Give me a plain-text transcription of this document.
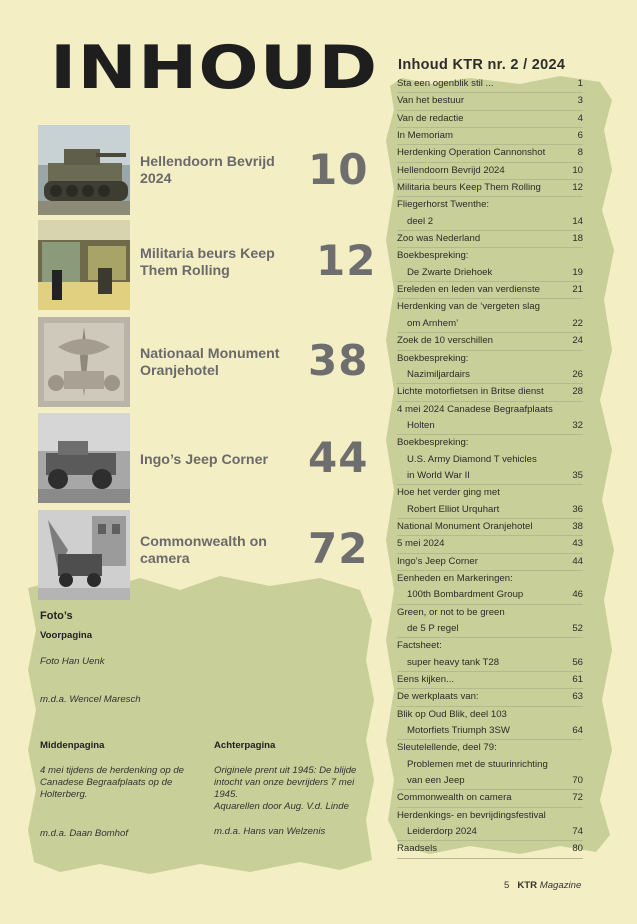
INHOUD
Hellendoorn Bevrijd 2024	10
Militaria beurs Keep Them Rolling	12
Nationaal Monument Oranjehotel	38
Ingo’s Jeep Corner 44
Commonwealth on camera	72
Inhoud KTR nr. 2 / 2024
Sta een ogenblik stil ...	1
Van het bestuur	3
Van de redactie	4
In Memoriam	6
Herdenking Operation Cannonshot	8
Hellendoorn Bevrijd 2024	10
Militaria beurs Keep Them Rolling	12
Fliegerhorst Twenthe:
deel 2	14
Zoo was Nederland	18
Boekbespreking:
De Zwarte Driehoek	19
Ereleden en leden van verdienste	21
Herdenking van de ‘vergeten slag
om Arnhem’	22
Zoek de 10 verschillen	24
Boekbespreking:
Nazimiljardairs	26
Lichte motorfietsen in Britse dienst	28
4 mei 2024 Canadese Begraafplaats
Holten	32
Boekbespreking:
U.S. Army Diamond T vehicles
in World War II	35
Hoe het verder ging met
Robert Elliot Urquhart	36
National Monument Oranjehotel	38
5 mei 2024	43
Ingo’s Jeep Corner	44
Eenheden en Markeringen:
100th Bombardment Group	46
Green, or not to be green
de 5 P regel	52
Factsheet:
super heavy tank T28	56
Eens kijken...	61
De werkplaats van:	63
Blik op Oud Blik, deel 103
Motorfiets Triumph 3SW	64
Sleutelellende, deel 79:
Problemen met de stuurinrichting
van een Jeep	70
Commonwealth on camera	72
Herdenkings- en bevrijdingsfestival
Leiderdorp 2024	74
Raadsels	80
Foto’s
Voorpagina
Foto Han Uenk
m.d.a. Wencel Maresch
Middenpagina
4 mei tijdens de herdenking op de Canadese Begraafplaats op de Holterberg.
m.d.a. Daan Bomhof
Achterpagina
Originele prent uit 1945: De blijde intocht van onze bevrijders 7 mei 1945.
Aquarellen door Aug. V.d. Linde
m.d.a. Hans van Welzenis
5 KTR Magazine
